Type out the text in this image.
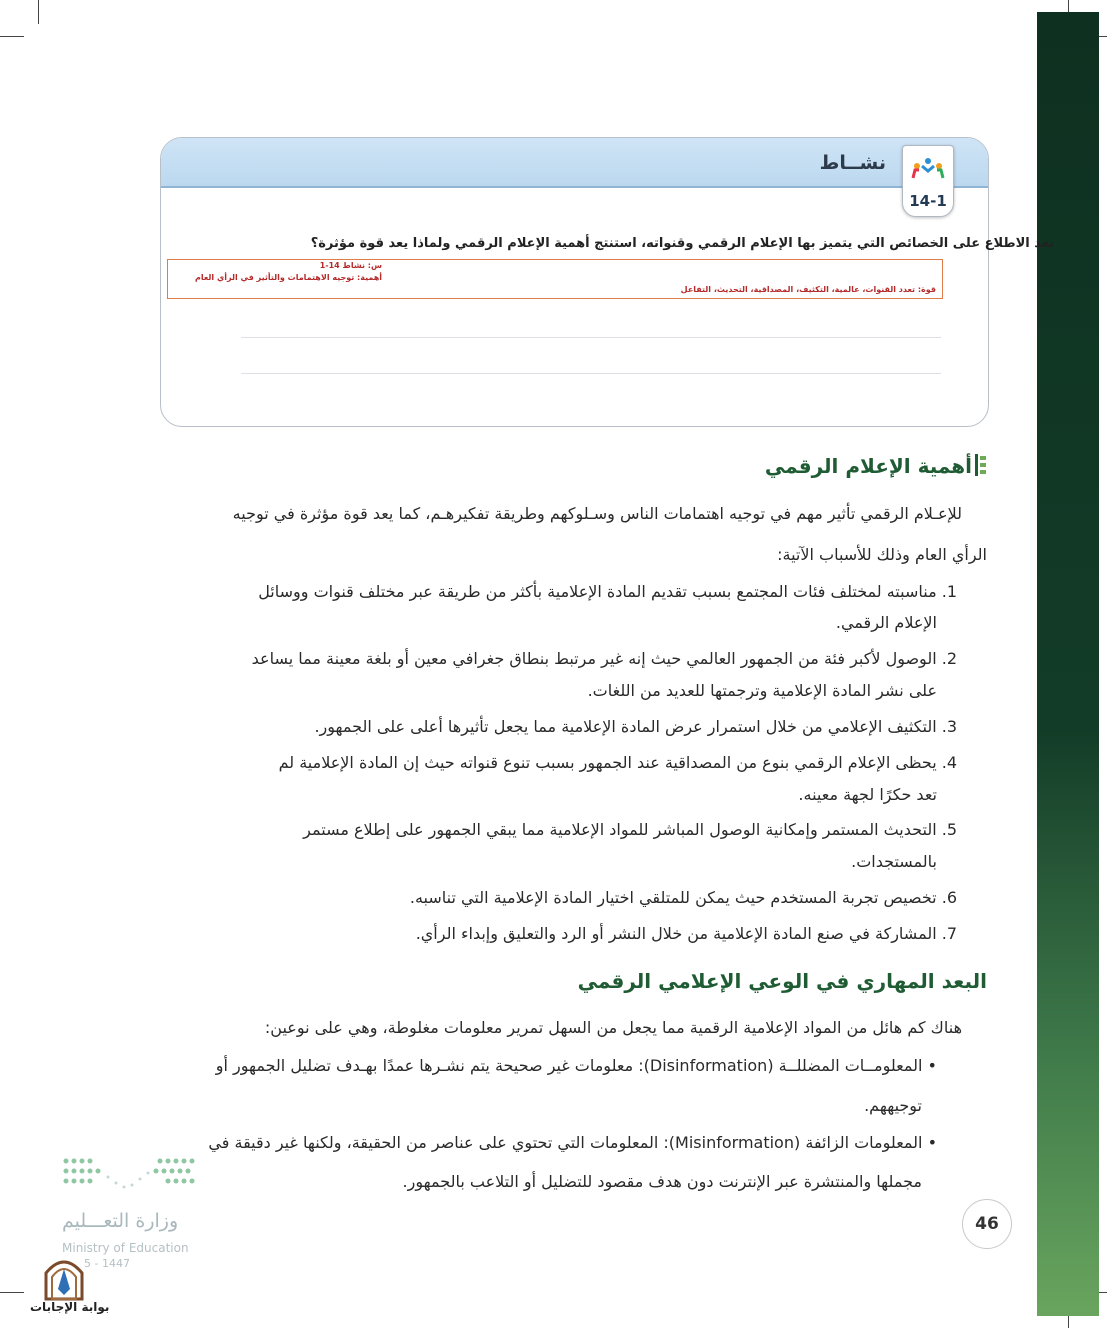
نشــاط
14-1
بعد الاطلاع على الخصائص التي يتميز بها الإعلام الرقمي وقنواته، استنتج أهمية الإعلام الرقمي ولماذا يعد قوة مؤثرة؟
س: نشاط 14-1
أهمية: توجيه الاهتمامات والتأثير في الرأي العام
قوة: تعدد القنوات، عالمية، التكثيف، المصداقية، التحديث، التفاعل
أهمية الإعلام الرقمي
للإعـلام الرقمي تأثير مهم في توجيه اهتمامات الناس وسـلوكهم وطريقة تفكيرهـم، كما يعد قوة مؤثرة في توجيه
الرأي العام وذلك للأسباب الآتية:
1. مناسبته لمختلف فئات المجتمع بسبب تقديم المادة الإعلامية بأكثر من طريقة عبر مختلف قنوات ووسائل
الإعلام الرقمي.
2. الوصول لأكبر فئة من الجمهور العالمي حيث إنه غير مرتبط بنطاق جغرافي معين أو بلغة معينة مما يساعد
على نشر المادة الإعلامية وترجمتها للعديد من اللغات.
3. التكثيف الإعلامي من خلال استمرار عرض المادة الإعلامية مما يجعل تأثيرها أعلى على الجمهور.
4. يحظى الإعلام الرقمي بنوع من المصداقية عند الجمهور بسبب تنوع قنواته حيث إن المادة الإعلامية لم
تعد حكرًا لجهة معينه.
5. التحديث المستمر وإمكانية الوصول المباشر للمواد الإعلامية مما يبقي الجمهور على إطلاع مستمر
بالمستجدات.
6. تخصيص تجربة المستخدم حيث يمكن للمتلقي اختيار المادة الإعلامية التي تناسبه.
7. المشاركة في صنع المادة الإعلامية من خلال النشر أو الرد والتعليق وإبداء الرأي.
البعد المهاري في الوعي الإعلامي الرقمي
هناك كم هائل من المواد الإعلامية الرقمية مما يجعل من السهل تمرير معلومات مغلوطة، وهي على نوعين:
• المعلومــات المضللــة (Disinformation): معلومات غير صحيحة يتم نشـرها عمدًا بهـدف تضليل الجمهور أو
توجيههم.
• المعلومات الزائفة (Misinformation): المعلومات التي تحتوي على عناصر من الحقيقة، ولكنها غير دقيقة في
مجملها والمنتشرة عبر الإنترنت دون هدف مقصود للتضليل أو التلاعب بالجمهور.
46
وزارة التعـــليم
Ministry of Education
5 - 1447
بوابة الإجابات
